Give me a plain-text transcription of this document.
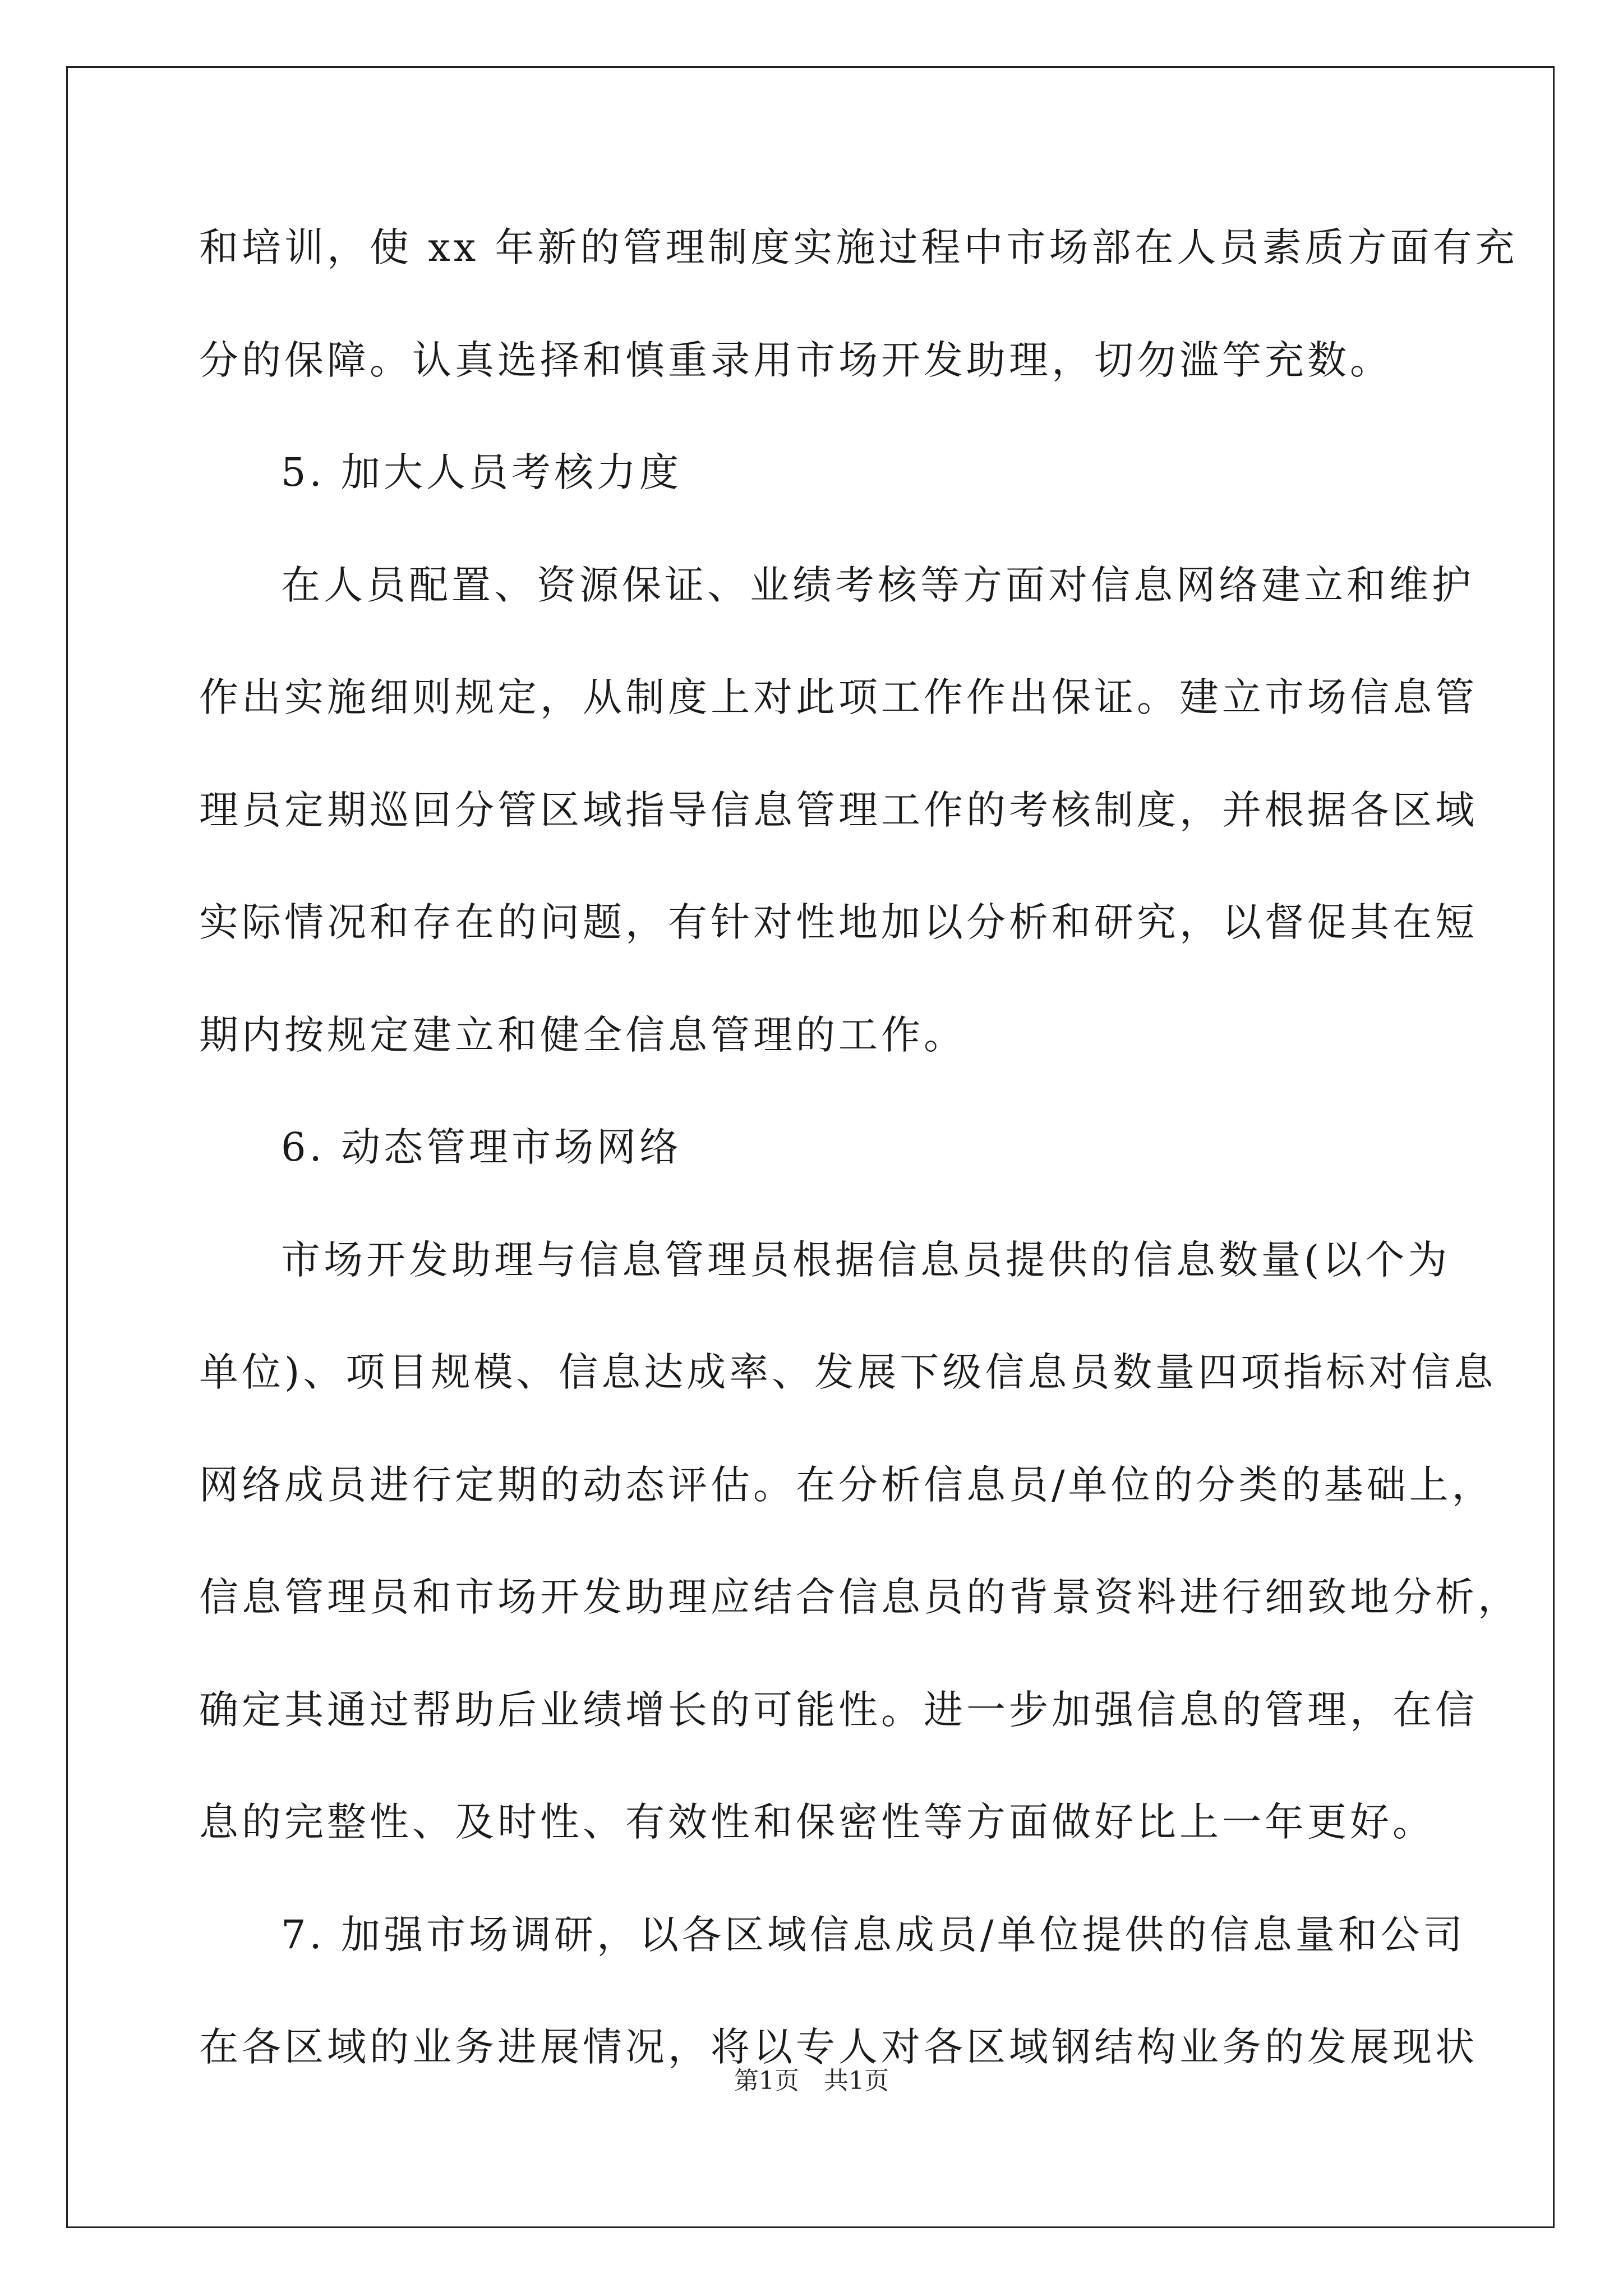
和培训，使 xx 年新的管理制度实施过程中市场部在人员素质方面有充
分的保障。认真选择和慎重录用市场开发助理，切勿滥竽充数。
5. 加大人员考核力度
在人员配置、资源保证、业绩考核等方面对信息网络建立和维护
作出实施细则规定，从制度上对此项工作作出保证。建立市场信息管
理员定期巡回分管区域指导信息管理工作的考核制度，并根据各区域
实际情况和存在的问题，有针对性地加以分析和研究，以督促其在短
期内按规定建立和健全信息管理的工作。
6. 动态管理市场网络
市场开发助理与信息管理员根据信息员提供的信息数量(以个为
单位)、项目规模、信息达成率、发展下级信息员数量四项指标对信息
网络成员进行定期的动态评估。在分析信息员/单位的分类的基础上，
信息管理员和市场开发助理应结合信息员的背景资料进行细致地分析，
确定其通过帮助后业绩增长的可能性。进一步加强信息的管理，在信
息的完整性、及时性、有效性和保密性等方面做好比上一年更好。
7. 加强市场调研，以各区域信息成员/单位提供的信息量和公司
在各区域的业务进展情况，将以专人对各区域钢结构业务的发展现状
第1页　共1页
